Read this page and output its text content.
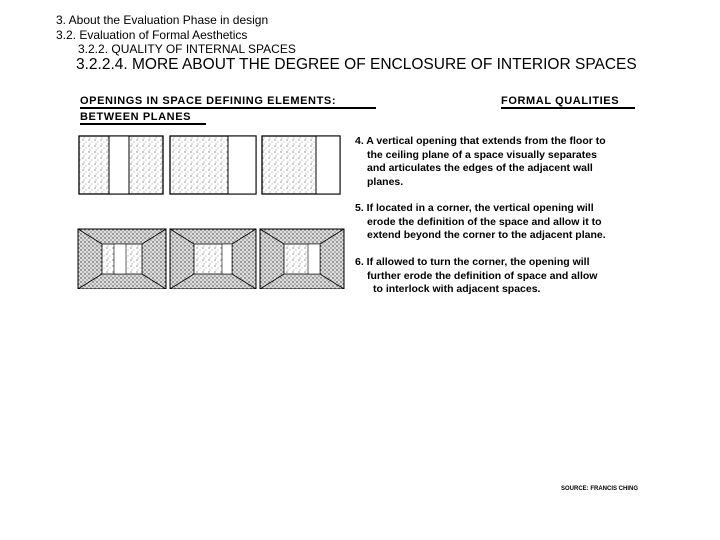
3. About the Evaluation Phase in design
3.2. Evaluation of Formal Aesthetics
3.2.2. QUALITY OF INTERNAL SPACES
3.2.2.4. MORE ABOUT THE DEGREE OF ENCLOSURE OF INTERIOR SPACES
OPENINGS IN SPACE DEFINING ELEMENTS:
BETWEEN PLANES
FORMAL QUALITIES
4. A vertical opening that extends from the floor to
the ceiling plane of a space visually separates
and articulates the edges of the adjacent wall
planes.
5. If located in a corner, the vertical opening will
erode the definition of the space and allow it to
extend beyond the corner to the adjacent plane.
6. If allowed to turn the corner, the opening will
further erode the definition of space and allow
to interlock with adjacent spaces.
SOURCE: FRANCIS CHING
